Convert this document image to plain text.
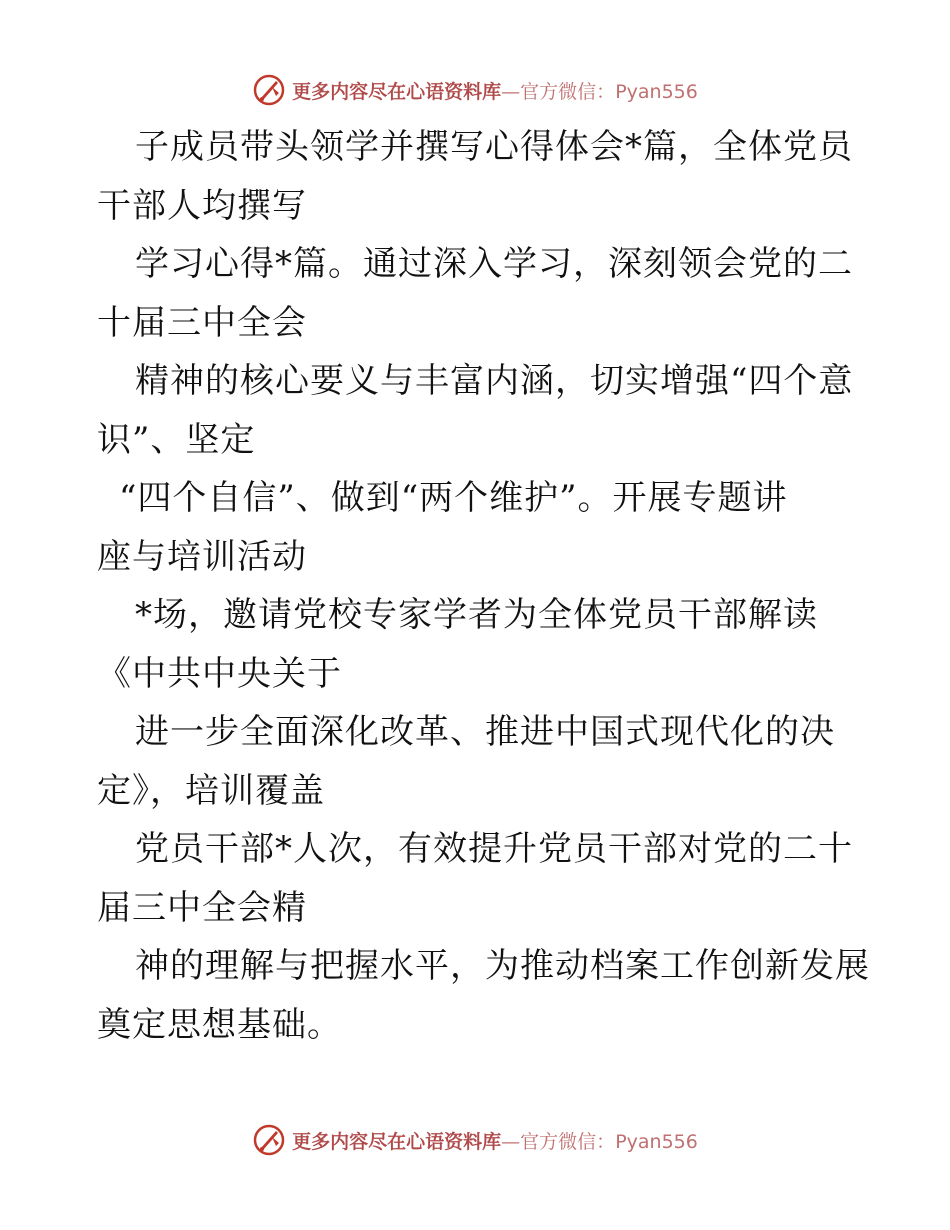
更多内容尽在心语资料库—官方微信：Pyan556
子成员带头领学并撰写心得体会*篇，全体党员
干部人均撰写
学习心得*篇。通过深入学习，深刻领会党的二
十届三中全会
精神的核心要义与丰富内涵，切实增强“四个意
识”、坚定
“四个自信”、做到“两个维护”。开展专题讲
座与培训活动
*场，邀请党校专家学者为全体党员干部解读
《中共中央关于
进一步全面深化改革、推进中国式现代化的决
定》，培训覆盖
党员干部*人次，有效提升党员干部对党的二十
届三中全会精
神的理解与把握水平，为推动档案工作创新发展
奠定思想基础。
更多内容尽在心语资料库—官方微信：Pyan556
